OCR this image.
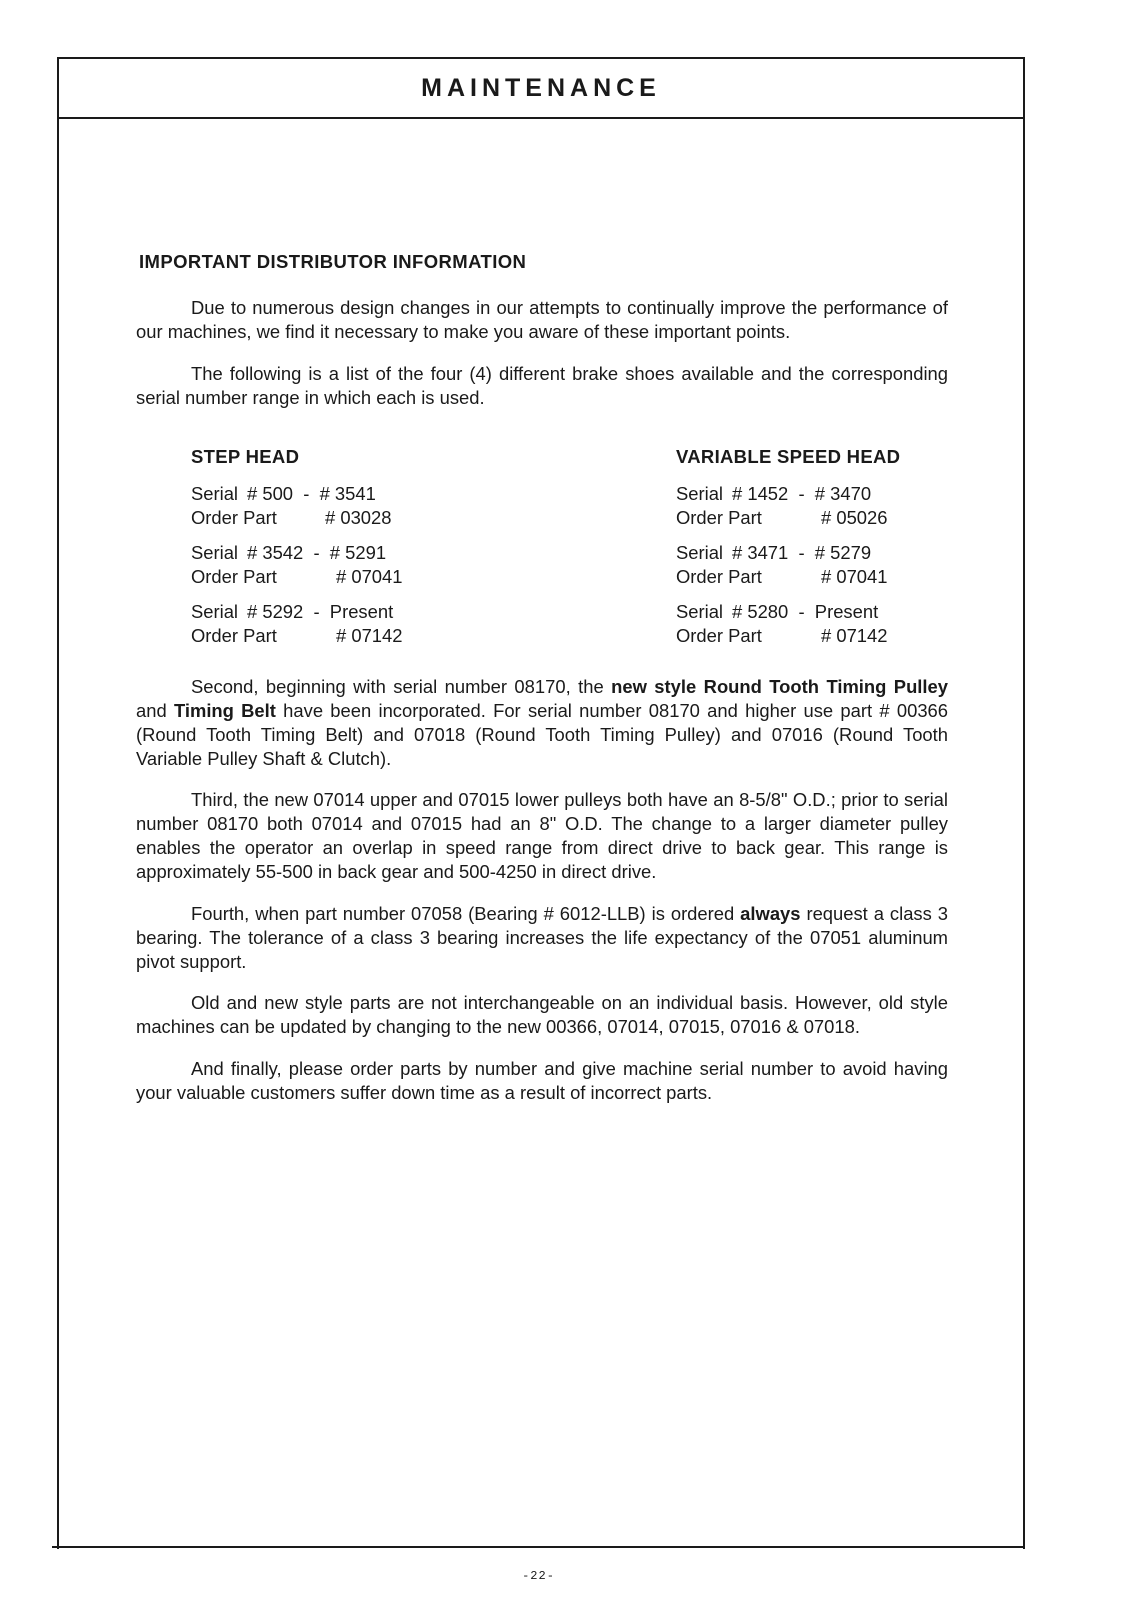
MAINTENANCE
IMPORTANT DISTRIBUTOR INFORMATION

Due to numerous design changes in our attempts to continually improve the performance of our machines, we find it necessary to make you aware of these important points.

The following is a list of the four (4) different brake shoes available and the corresponding serial number range in which each is used.

STEP HEAD
Serial # 500  -  # 3541
Order Part	# 03028
Serial # 3542  -  # 5291
Order Part	# 07041
Serial # 5292  -  Present
Order Part	# 07142
VARIABLE SPEED HEAD
Serial # 1452  -  # 3470
Order Part	# 05026
Serial # 3471  -  # 5279
Order Part	# 07041
Serial # 5280  -  Present
Order Part	# 07142

Second, beginning with serial number 08170, the new style Round Tooth Timing Pulley and Timing Belt have been incorporated. For serial number 08170 and higher use part # 00366 (Round Tooth Timing Belt) and 07018 (Round Tooth Timing Pulley) and 07016 (Round Tooth Variable Pulley Shaft & Clutch).

Third, the new 07014 upper and 07015 lower pulleys both have an 8-5/8" O.D.; prior to serial number 08170 both 07014 and 07015 had an 8" O.D. The change to a larger diameter pulley enables the operator an overlap in speed range from direct drive to back gear. This range is approximately 55-500 in back gear and 500-4250 in direct drive.

Fourth, when part number 07058 (Bearing # 6012-LLB) is ordered always request a class 3 bearing. The tolerance of a class 3 bearing increases the life expectancy of the 07051 aluminum pivot support.

Old and new style parts are not interchangeable on an individual basis. However, old style machines can be updated by changing to the new 00366, 07014, 07015, 07016 & 07018.

And finally, please order parts by number and give machine serial number to avoid having your valuable customers suffer down time as a result of incorrect parts.

-22-
